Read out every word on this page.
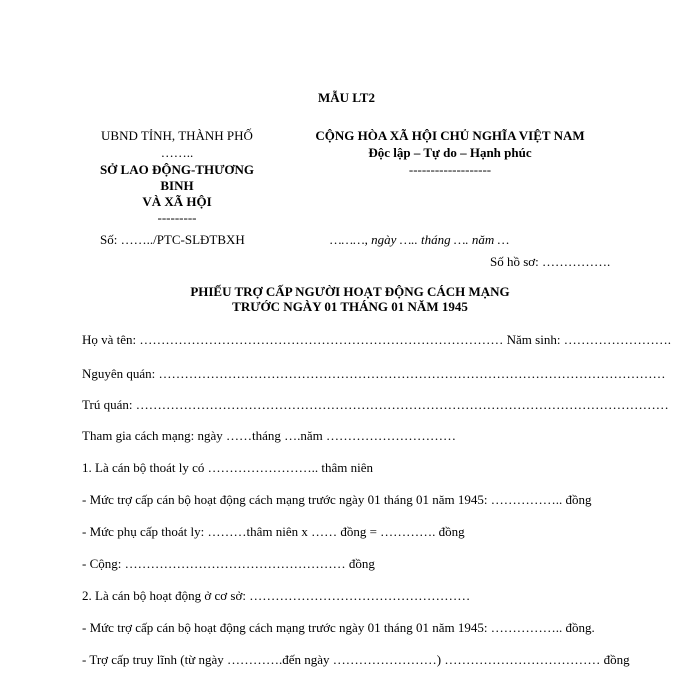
MẪU LT2
UBND TỈNH, THÀNH PHỐ
……..
SỞ LAO ĐỘNG-THƯƠNG
BINH
VÀ XÃ HỘI
---------
CỘNG HÒA XÃ HỘI CHỦ NGHĨA VIỆT NAM
Độc lập – Tự do – Hạnh phúc
-------------------
Số: ……../PTC-SLĐTBXH	………, ngày ….. tháng …. năm …
Số hồ sơ: …………….
PHIẾU TRỢ CẤP NGƯỜI HOẠT ĐỘNG CÁCH MẠNG
TRƯỚC NGÀY 01 THÁNG 01 NĂM 1945
Họ và tên: ………………………………………………………………………… Năm sinh: …………………….
Nguyên quán: ………………………………………………………………………………………………………
Trú quán: ……………………………………………………………………………………………………………
Tham gia cách mạng: ngày ……tháng ….năm …………………………
1. Là cán bộ thoát ly có …………………….. thâm niên
- Mức trợ cấp cán bộ hoạt động cách mạng trước ngày 01 tháng 01 năm 1945: …………….. đồng
- Mức phụ cấp thoát ly: ………thâm niên x …… đồng = …………. đồng
- Cộng: …………………………………………… đồng
2. Là cán bộ hoạt động ở cơ sở: ……………………………………………
- Mức trợ cấp cán bộ hoạt động cách mạng trước ngày 01 tháng 01 năm 1945: …………….. đồng.
- Trợ cấp truy lĩnh (từ ngày ………….đến ngày ……………………) ……………………………… đồng
